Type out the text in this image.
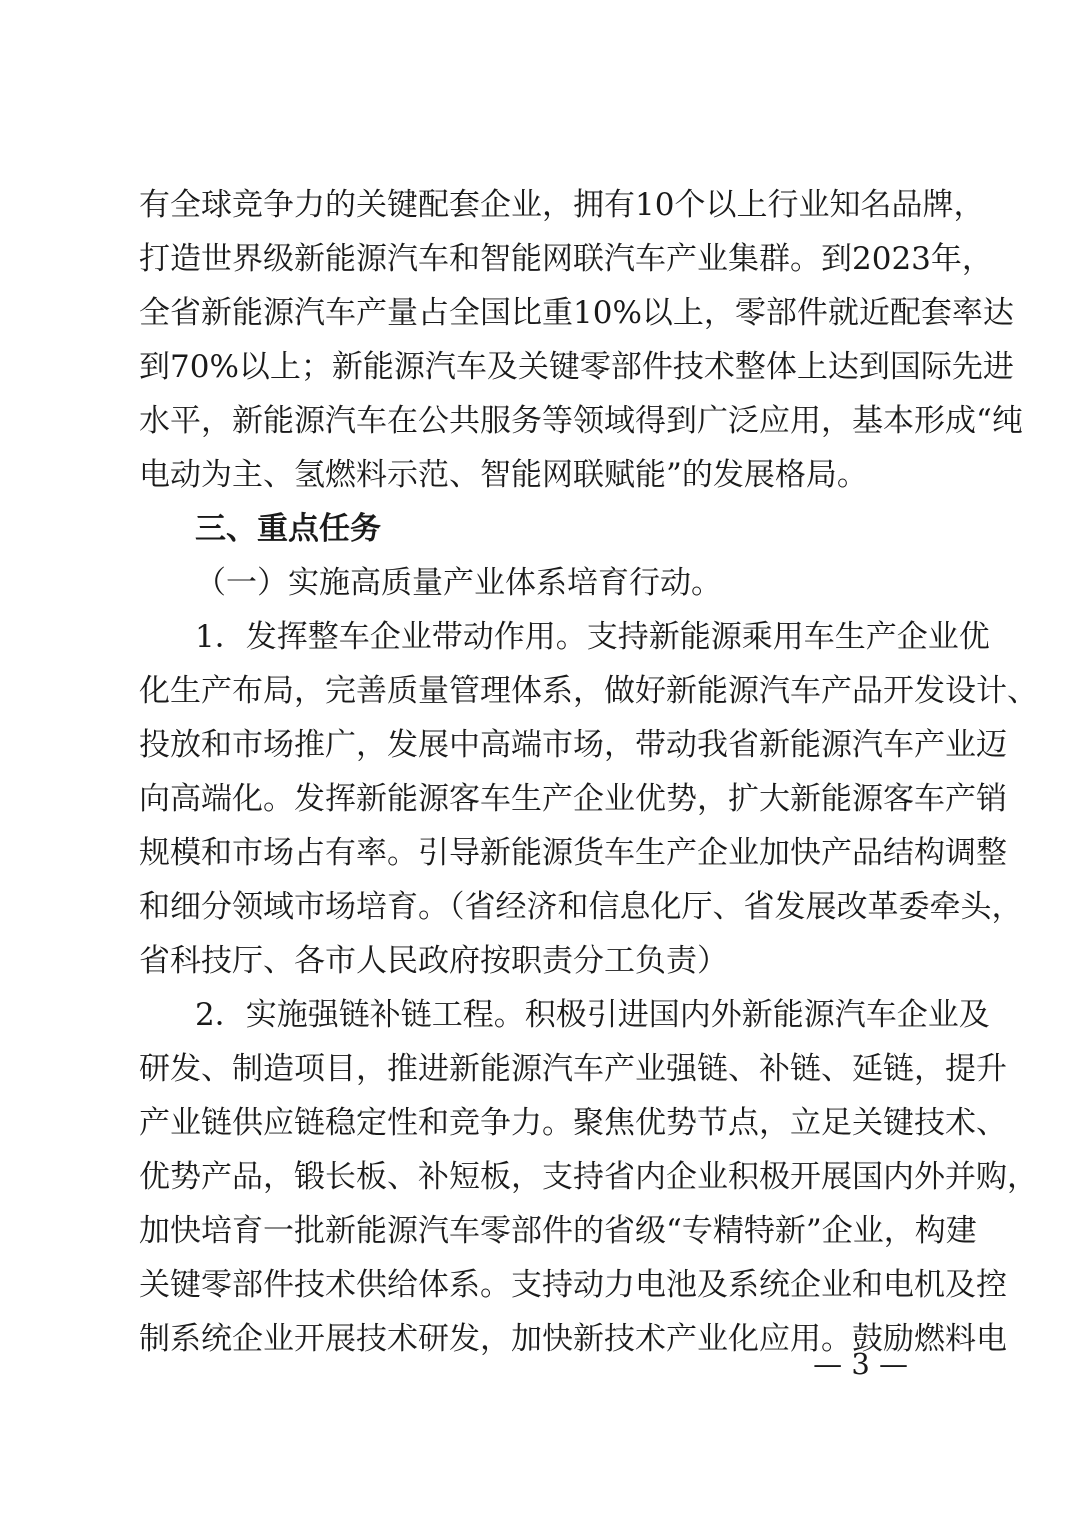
有全球竞争力的关键配套企业，拥有10个以上行业知名品牌，
打造世界级新能源汽车和智能网联汽车产业集群。到2023年，
全省新能源汽车产量占全国比重10%以上，零部件就近配套率达
到70%以上；新能源汽车及关键零部件技术整体上达到国际先进
水平，新能源汽车在公共服务等领域得到广泛应用，基本形成“纯
电动为主、氢燃料示范、智能网联赋能”的发展格局。
三、重点任务
（一）实施高质量产业体系培育行动。
1．发挥整车企业带动作用。支持新能源乘用车生产企业优
化生产布局，完善质量管理体系，做好新能源汽车产品开发设计、
投放和市场推广，发展中高端市场，带动我省新能源汽车产业迈
向高端化。发挥新能源客车生产企业优势，扩大新能源客车产销
规模和市场占有率。引导新能源货车生产企业加快产品结构调整
和细分领域市场培育。（省经济和信息化厅、省发展改革委牵头，
省科技厅、各市人民政府按职责分工负责）
2．实施强链补链工程。积极引进国内外新能源汽车企业及
研发、制造项目，推进新能源汽车产业强链、补链、延链，提升
产业链供应链稳定性和竞争力。聚焦优势节点，立足关键技术、
优势产品，锻长板、补短板，支持省内企业积极开展国内外并购，
加快培育一批新能源汽车零部件的省级“专精特新”企业，构建
关键零部件技术供给体系。支持动力电池及系统企业和电机及控
制系统企业开展技术研发，加快新技术产业化应用。鼓励燃料电
— 3 —
